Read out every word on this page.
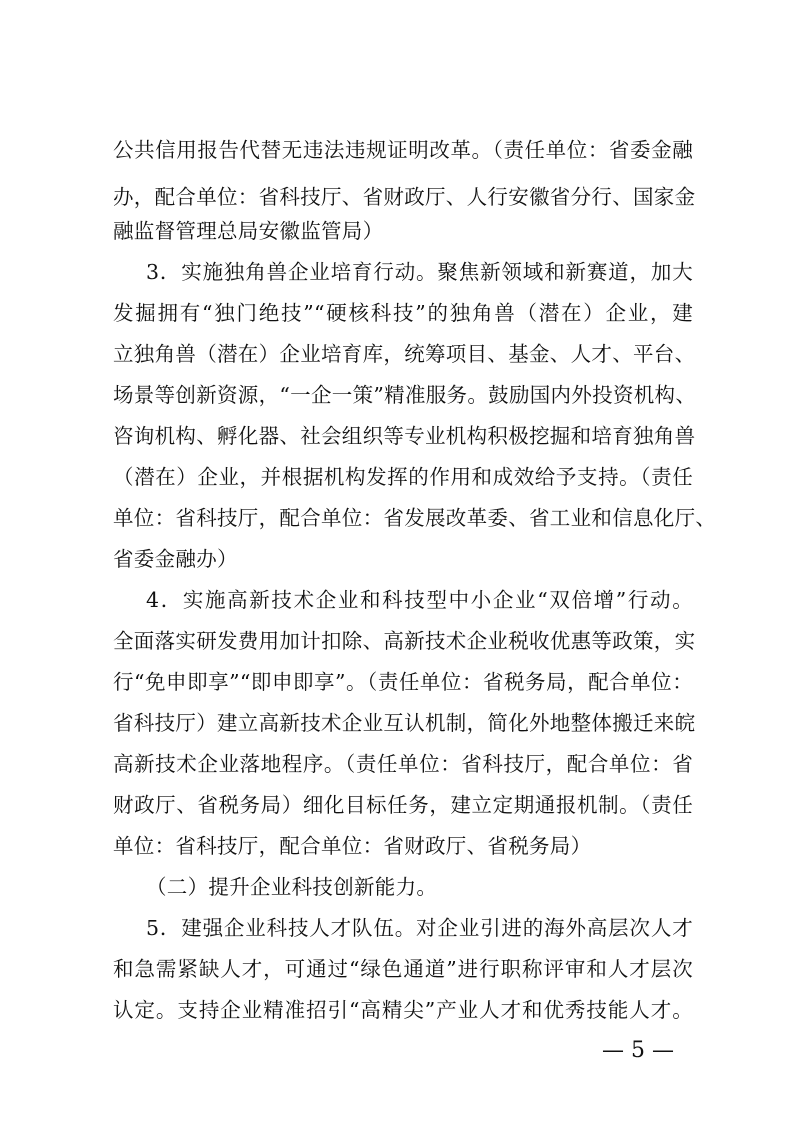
公共信用报告代替无违法违规证明改革。（责任单位：省委金融
办，配合单位：省科技厅、省财政厅、人行安徽省分行、国家金
融监督管理总局安徽监管局）
3．实施独角兽企业培育行动。聚焦新领域和新赛道，加大
发掘拥有“独门绝技”“硬核科技”的独角兽（潜在）企业，建
立独角兽（潜在）企业培育库，统筹项目、基金、人才、平台、
场景等创新资源，“一企一策”精准服务。鼓励国内外投资机构、
咨询机构、孵化器、社会组织等专业机构积极挖掘和培育独角兽
（潜在）企业，并根据机构发挥的作用和成效给予支持。（责任
单位：省科技厅，配合单位：省发展改革委、省工业和信息化厅、
省委金融办）
4．实施高新技术企业和科技型中小企业“双倍增”行动。
全面落实研发费用加计扣除、高新技术企业税收优惠等政策，实
行“免申即享”“即申即享”。（责任单位：省税务局，配合单位：
省科技厅）建立高新技术企业互认机制，简化外地整体搬迁来皖
高新技术企业落地程序。（责任单位：省科技厅，配合单位：省
财政厅、省税务局）细化目标任务，建立定期通报机制。（责任
单位：省科技厅，配合单位：省财政厅、省税务局）
（二）提升企业科技创新能力。
5．建强企业科技人才队伍。对企业引进的海外高层次人才
和急需紧缺人才，可通过“绿色通道”进行职称评审和人才层次
认定。支持企业精准招引“高精尖”产业人才和优秀技能人才。
— 5 —
